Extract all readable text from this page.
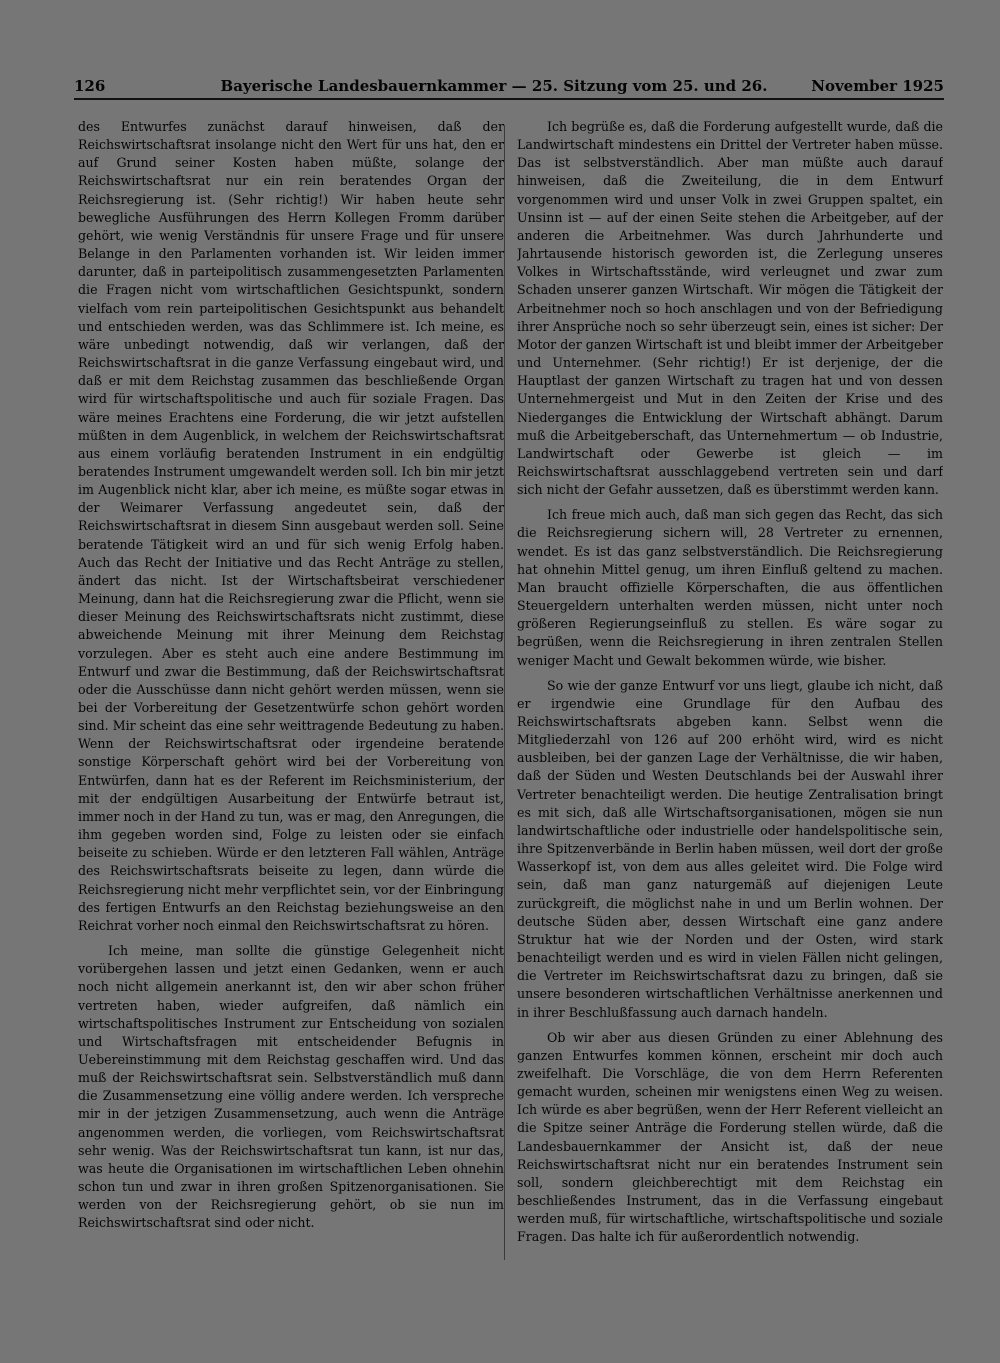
126	Bayerische Landesbauernkammer — 25. Sitzung vom 25. und 26.	November 1925

des Entwurfes zunächst darauf hinweisen, daß der Reichswirtschaftsrat insolange nicht den Wert für uns hat, den er auf Grund seiner Kosten haben müßte, solange der Reichswirtschaftsrat nur ein rein beratendes Organ der Reichsregierung ist. (Sehr richtig!) Wir haben heute sehr bewegliche Ausführungen des Herrn Kollegen Fromm darüber gehört, wie wenig Verständnis für unsere Frage und für unsere Belange in den Parlamenten vorhanden ist. Wir leiden immer darunter, daß in parteipolitisch zusammengesetzten Parlamenten die Fragen nicht vom wirtschaftlichen Gesichtspunkt, sondern vielfach vom rein parteipolitischen Gesichtspunkt aus behandelt und entschieden werden, was das Schlimmere ist. Ich meine, es wäre unbedingt notwendig, daß wir verlangen, daß der Reichswirtschaftsrat in die ganze Verfassung eingebaut wird, und daß er mit dem Reichstag zusammen das beschließende Organ wird für wirtschaftspolitische und auch für soziale Fragen. Das wäre meines Erachtens eine Forderung, die wir jetzt aufstellen müßten in dem Augenblick, in welchem der Reichswirtschaftsrat aus einem vorläufig beratenden Instrument in ein endgültig beratendes Instrument umgewandelt werden soll. Ich bin mir jetzt im Augenblick nicht klar, aber ich meine, es müßte sogar etwas in der Weimarer Verfassung angedeutet sein, daß der Reichswirtschaftsrat in diesem Sinn ausgebaut werden soll. Seine beratende Tätigkeit wird an und für sich wenig Erfolg haben. Auch das Recht der Initiative und das Recht Anträge zu stellen, ändert das nicht. Ist der Wirtschaftsbeirat verschiedener Meinung, dann hat die Reichsregierung zwar die Pflicht, wenn sie dieser Meinung des Reichswirtschaftsrats nicht zustimmt, diese abweichende Meinung mit ihrer Meinung dem Reichstag vorzulegen. Aber es steht auch eine andere Bestimmung im Entwurf und zwar die Bestimmung, daß der Reichswirtschaftsrat oder die Ausschüsse dann nicht gehört werden müssen, wenn sie bei der Vorbereitung der Gesetzentwürfe schon gehört worden sind. Mir scheint das eine sehr weittragende Bedeutung zu haben. Wenn der Reichswirtschaftsrat oder irgendeine beratende sonstige Körperschaft gehört wird bei der Vorbereitung von Entwürfen, dann hat es der Referent im Reichsministerium, der mit der endgültigen Ausarbeitung der Entwürfe betraut ist, immer noch in der Hand zu tun, was er mag, den Anregungen, die ihm gegeben worden sind, Folge zu leisten oder sie einfach beiseite zu schieben. Würde er den letzteren Fall wählen, Anträge des Reichswirtschaftsrats beiseite zu legen, dann würde die Reichsregierung nicht mehr verpflichtet sein, vor der Einbringung des fertigen Entwurfs an den Reichstag beziehungsweise an den Reichrat vorher noch einmal den Reichswirtschaftsrat zu hören.

Ich meine, man sollte die günstige Gelegenheit nicht vorübergehen lassen und jetzt einen Gedanken, wenn er auch noch nicht allgemein anerkannt ist, den wir aber schon früher vertreten haben, wieder aufgreifen, daß nämlich ein wirtschaftspolitisches Instrument zur Entscheidung von sozialen und Wirtschaftsfragen mit entscheidender Befugnis in Uebereinstimmung mit dem Reichstag geschaffen wird. Und das muß der Reichswirtschaftsrat sein. Selbstverständlich muß dann die Zusammensetzung eine völlig andere werden. Ich verspreche mir in der jetzigen Zusammensetzung, auch wenn die Anträge angenommen werden, die vorliegen, vom Reichswirtschaftsrat sehr wenig. Was der Reichswirtschaftsrat tun kann, ist nur das, was heute die Organisationen im wirtschaftlichen Leben ohnehin schon tun und zwar in ihren großen Spitzenorganisationen. Sie werden von der Reichsregierung gehört, ob sie nun im Reichswirtschaftsrat sind oder nicht.

Ich begrüße es, daß die Forderung aufgestellt wurde, daß die Landwirtschaft mindestens ein Drittel der Vertreter haben müsse. Das ist selbstverständlich. Aber man müßte auch darauf hinweisen, daß die Zweiteilung, die in dem Entwurf vorgenommen wird und unser Volk in zwei Gruppen spaltet, ein Unsinn ist — auf der einen Seite stehen die Arbeitgeber, auf der anderen die Arbeitnehmer. Was durch Jahrhunderte und Jahrtausende historisch geworden ist, die Zerlegung unseres Volkes in Wirtschaftsstände, wird verleugnet und zwar zum Schaden unserer ganzen Wirtschaft. Wir mögen die Tätigkeit der Arbeitnehmer noch so hoch anschlagen und von der Befriedigung ihrer Ansprüche noch so sehr überzeugt sein, eines ist sicher: Der Motor der ganzen Wirtschaft ist und bleibt immer der Arbeitgeber und Unternehmer. (Sehr richtig!) Er ist derjenige, der die Hauptlast der ganzen Wirtschaft zu tragen hat und von dessen Unternehmergeist und Mut in den Zeiten der Krise und des Niederganges die Entwicklung der Wirtschaft abhängt. Darum muß die Arbeitgeberschaft, das Unternehmertum — ob Industrie, Landwirtschaft oder Gewerbe ist gleich — im Reichswirtschaftsrat ausschlaggebend vertreten sein und darf sich nicht der Gefahr aussetzen, daß es überstimmt werden kann.

Ich freue mich auch, daß man sich gegen das Recht, das sich die Reichsregierung sichern will, 28 Vertreter zu ernennen, wendet. Es ist das ganz selbstverständlich. Die Reichsregierung hat ohnehin Mittel genug, um ihren Einfluß geltend zu machen. Man braucht offizielle Körperschaften, die aus öffentlichen Steuergeldern unterhalten werden müssen, nicht unter noch größeren Regierungseinfluß zu stellen. Es wäre sogar zu begrüßen, wenn die Reichsregierung in ihren zentralen Stellen weniger Macht und Gewalt bekommen würde, wie bisher.

So wie der ganze Entwurf vor uns liegt, glaube ich nicht, daß er irgendwie eine Grundlage für den Aufbau des Reichswirtschaftsrats abgeben kann. Selbst wenn die Mitgliederzahl von 126 auf 200 erhöht wird, wird es nicht ausbleiben, bei der ganzen Lage der Verhältnisse, die wir haben, daß der Süden und Westen Deutschlands bei der Auswahl ihrer Vertreter benachteiligt werden. Die heutige Zentralisation bringt es mit sich, daß alle Wirtschaftsorganisationen, mögen sie nun landwirtschaftliche oder industrielle oder handelspolitische sein, ihre Spitzenverbände in Berlin haben müssen, weil dort der große Wasserkopf ist, von dem aus alles geleitet wird. Die Folge wird sein, daß man ganz naturgemäß auf diejenigen Leute zurückgreift, die möglichst nahe in und um Berlin wohnen. Der deutsche Süden aber, dessen Wirtschaft eine ganz andere Struktur hat wie der Norden und der Osten, wird stark benachteiligt werden und es wird in vielen Fällen nicht gelingen, die Vertreter im Reichswirtschaftsrat dazu zu bringen, daß sie unsere besonderen wirtschaftlichen Verhältnisse anerkennen und in ihrer Beschlußfassung auch darnach handeln.

Ob wir aber aus diesen Gründen zu einer Ablehnung des ganzen Entwurfes kommen können, erscheint mir doch auch zweifelhaft. Die Vorschläge, die von dem Herrn Referenten gemacht wurden, scheinen mir wenigstens einen Weg zu weisen. Ich würde es aber begrüßen, wenn der Herr Referent vielleicht an die Spitze seiner Anträge die Forderung stellen würde, daß die Landesbauernkammer der Ansicht ist, daß der neue Reichswirtschaftsrat nicht nur ein beratendes Instrument sein soll, sondern gleichberechtigt mit dem Reichstag ein beschließendes Instrument, das in die Verfassung eingebaut werden muß, für wirtschaftliche, wirtschaftspolitische und soziale Fragen. Das halte ich für außerordentlich notwendig.
